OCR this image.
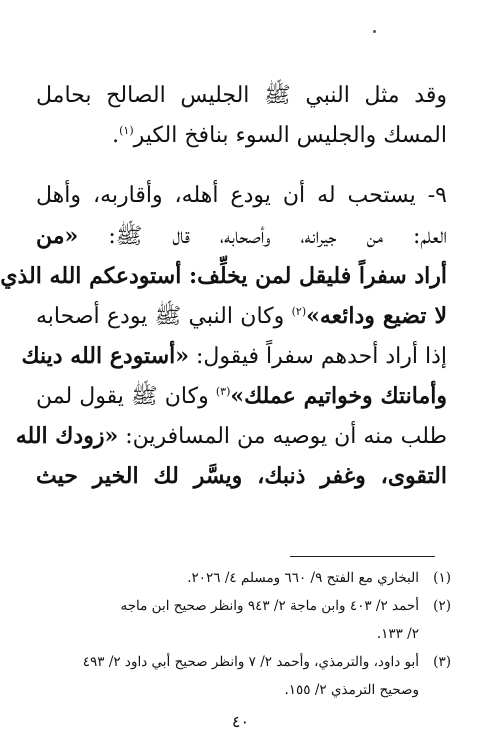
وقد مثل النبي ﷺ الجليس الصالح بحامل
المسك والجليس السوء بنافخ الكير$^{(١)}$.
٩- يستحب له أن يودع أهله، وأقاربه، وأهل
العلم: من جيرانه، وأصحابه، قال ﷺ: «من
أراد سفراً فليقل لمن يخلِّف: أستودعكم الله الذي
لا تضيع ودائعه»$^{(٢)}$ وكان النبي ﷺ يودع أصحابه
إذا أراد أحدهم سفراً فيقول: «أستودع الله دينك
وأمانتك وخواتيم عملك»$^{(٣)}$ وكان ﷺ يقول لمن
طلب منه أن يوصيه من المسافرين: «زودك الله
التقوى، وغفر ذنبك، ويسَّر لك الخير حيث
(١)البخاري مع الفتح ٩/ ٦٦٠ ومسلم ٤/ ٢٠٢٦.
(٢)أحمد ٢/ ٤٠٣ وابن ماجة ٢/ ٩٤٣ وانظر صحيح ابن ماجه
٢/ ١٣٣.
(٣)أبو داود، والترمذي، وأحمد ٢/ ٧ وانظر صحيح أبي داود ٢/ ٤٩٣
وصحيح الترمذي ٢/ ١٥٥.
٤٠
